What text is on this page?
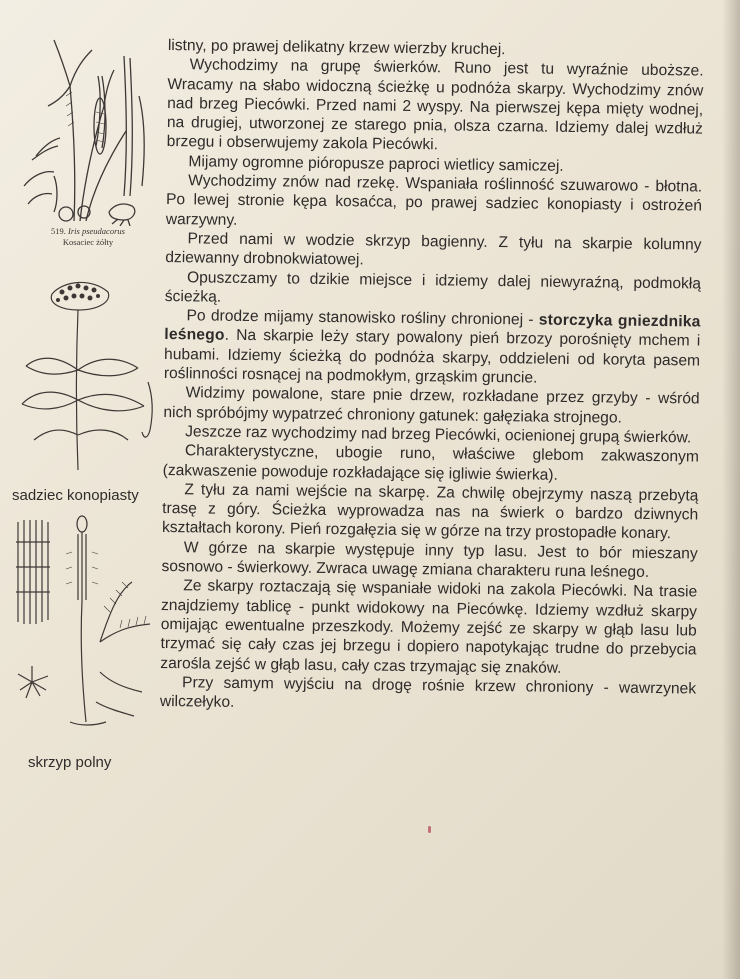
519. Iris pseudacorus
Kosaciec żółty
sadziec konopiasty
skrzyp polny

listny, po prawej delikatny krzew wierzby kruchej.

Wychodzimy na grupę świerków. Runo jest tu wyraźnie uboższe. Wracamy na słabo widoczną ścieżkę u podnóża skarpy. Wychodzimy znów nad brzeg Piecówki. Przed nami 2 wyspy. Na pierwszej kępa mięty wodnej, na drugiej, utworzonej ze starego pnia, olsza czarna. Idziemy dalej wzdłuż brzegu i obserwujemy zakola Piecówki.

Mijamy ogromne pióropusze paproci wietlicy samiczej.

Wychodzimy znów nad rzekę. Wspaniała roślinność szuwarowo - błotna. Po lewej stronie kępa kosaćca, po prawej sadziec konopiasty i ostrożeń warzywny.

Przed nami w wodzie skrzyp bagienny. Z tyłu na skarpie kolumny dziewanny drobnokwiatowej.

Opuszczamy to dzikie miejsce i idziemy dalej niewyraźną, podmokłą ścieżką.

Po drodze mijamy stanowisko rośliny chronionej - storczyka gniezdnika leśnego. Na skarpie leży stary powalony pień brzozy porośnięty mchem i hubami. Idziemy ścieżką do podnóża skarpy, oddzieleni od koryta pasem roślinności rosnącej na podmokłym, grząskim gruncie.

Widzimy powalone, stare pnie drzew, rozkładane przez grzyby - wśród nich spróbójmy wypatrzeć chroniony gatunek: gałęziaka strojnego.

Jeszcze raz wychodzimy nad brzeg Piecówki, ocienionej grupą świerków.

Charakterystyczne, ubogie runo, właściwe glebom zakwaszonym (zakwaszenie powoduje rozkładające się igliwie świerka).

Z tyłu za nami wejście na skarpę. Za chwilę obejrzymy naszą przebytą trasę z góry. Ścieżka wyprowadza nas na świerk o bardzo dziwnych kształtach korony. Pień rozgałęzia się w górze na trzy prostopadłe konary.

W górze na skarpie występuje inny typ lasu. Jest to bór mieszany sosnowo - świerkowy. Zwraca uwagę zmiana charakteru runa leśnego.

Ze skarpy roztaczają się wspaniałe widoki na zakola Piecówki. Na trasie znajdziemy tablicę - punkt widokowy na Piecówkę. Idziemy wzdłuż skarpy omijając ewentualne przeszkody. Możemy zejść ze skarpy w głąb lasu lub trzymać się cały czas jej brzegu i dopiero napotykając trudne do przebycia zarośla zejść w głąb lasu, cały czas trzymając się znaków.

Przy samym wyjściu na drogę rośnie krzew chroniony - wawrzynek wilczełyko.
